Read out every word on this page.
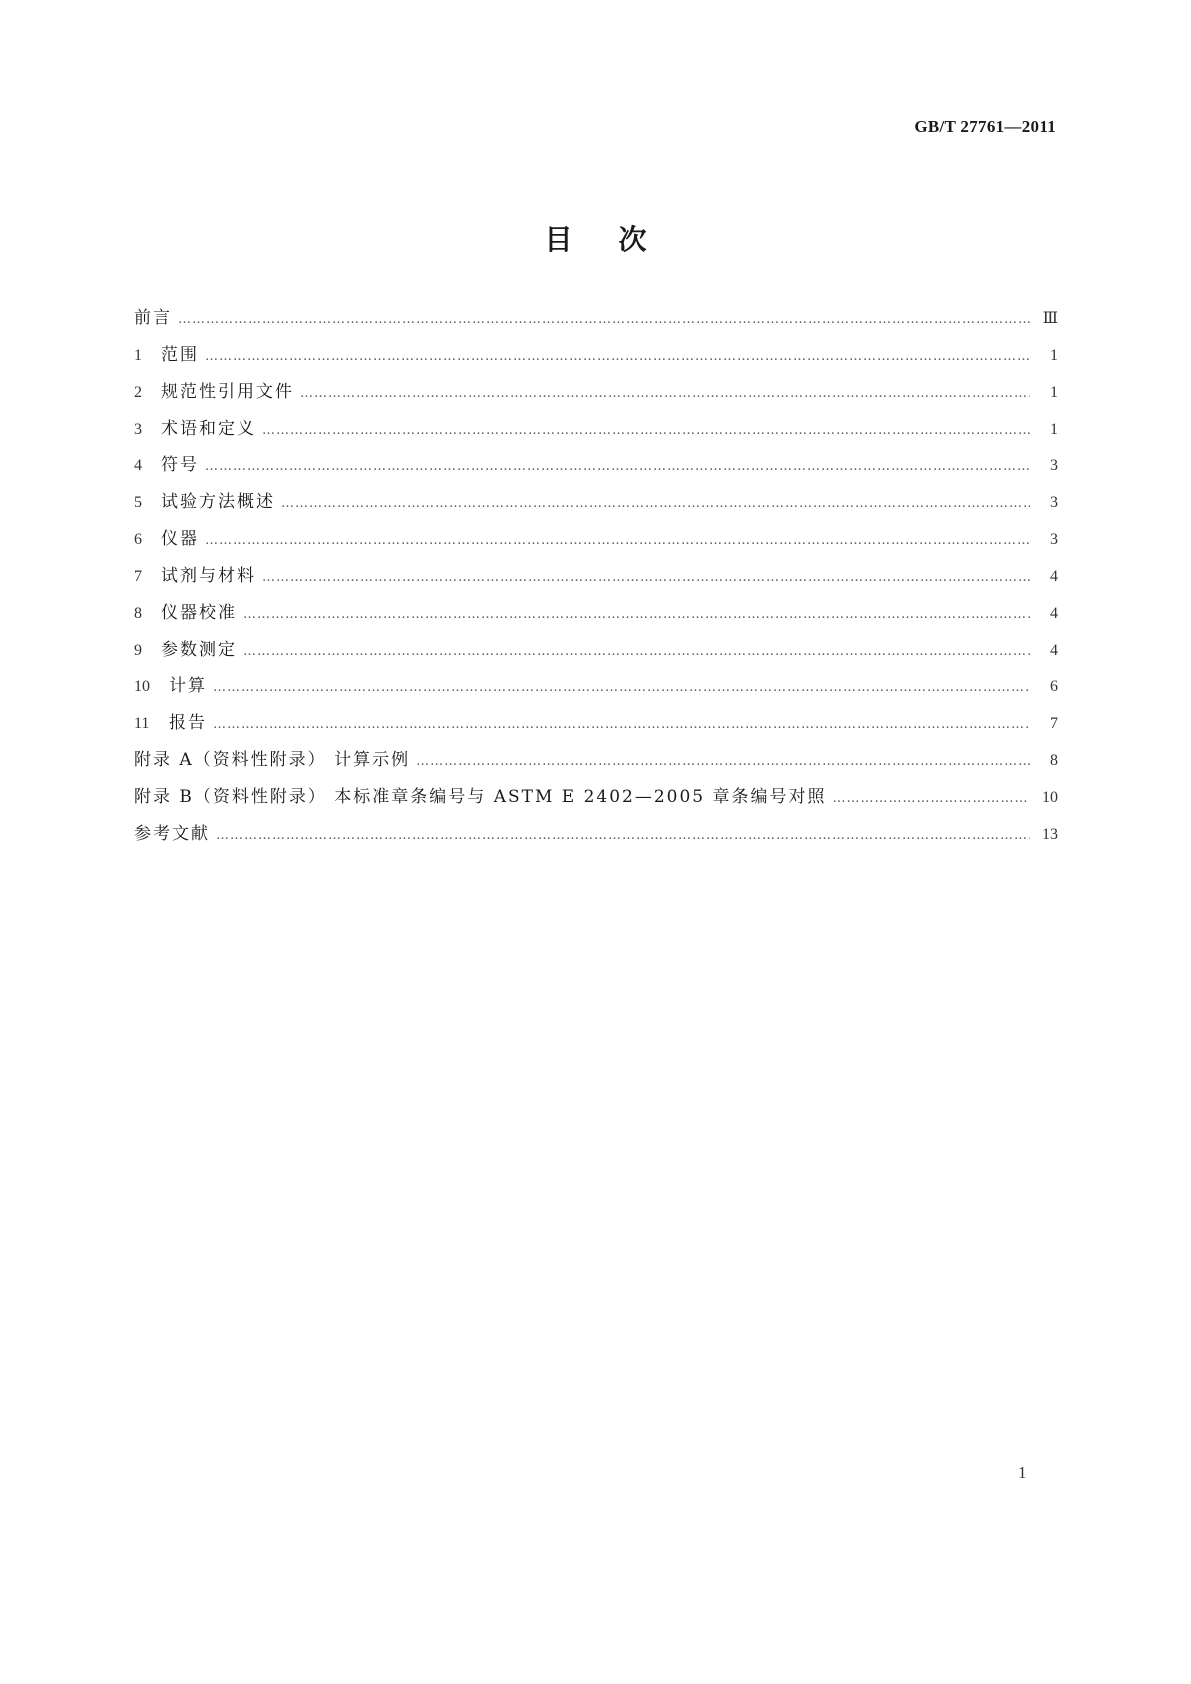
GB/T 27761—2011
目 次
前言 ………………………………………………………………………………………………………………………………………………………………………………………………………	Ⅲ
1	范围 ………………………………………………………………………………………………………………………………………………………………………………………………………	1
2	规范性引用文件 ………………………………………………………………………………………………………………………………………………………………………………………………………	1
3	术语和定义 ………………………………………………………………………………………………………………………………………………………………………………………………………	1
4	符号 ………………………………………………………………………………………………………………………………………………………………………………………………………	3
5	试验方法概述 ………………………………………………………………………………………………………………………………………………………………………………………………………	3
6	仪器 ………………………………………………………………………………………………………………………………………………………………………………………………………	3
7	试剂与材料 ………………………………………………………………………………………………………………………………………………………………………………………………………	4
8	仪器校准 ………………………………………………………………………………………………………………………………………………………………………………………………………	4
9	参数测定 ………………………………………………………………………………………………………………………………………………………………………………………………………	4
10	计算 ………………………………………………………………………………………………………………………………………………………………………………………………………	6
11	报告 ………………………………………………………………………………………………………………………………………………………………………………………………………	7
附录 A（资料性附录） 计算示例 ………………………………………………………………………………………………………………………………………………………………………………………………………	8
附录 B（资料性附录） 本标准章条编号与 ASTM E 2402—2005 章条编号对照 ………………………………………………………………………………………………………………………………………………………………………………………………………	10
参考文献 ………………………………………………………………………………………………………………………………………………………………………………………………………	13
1
